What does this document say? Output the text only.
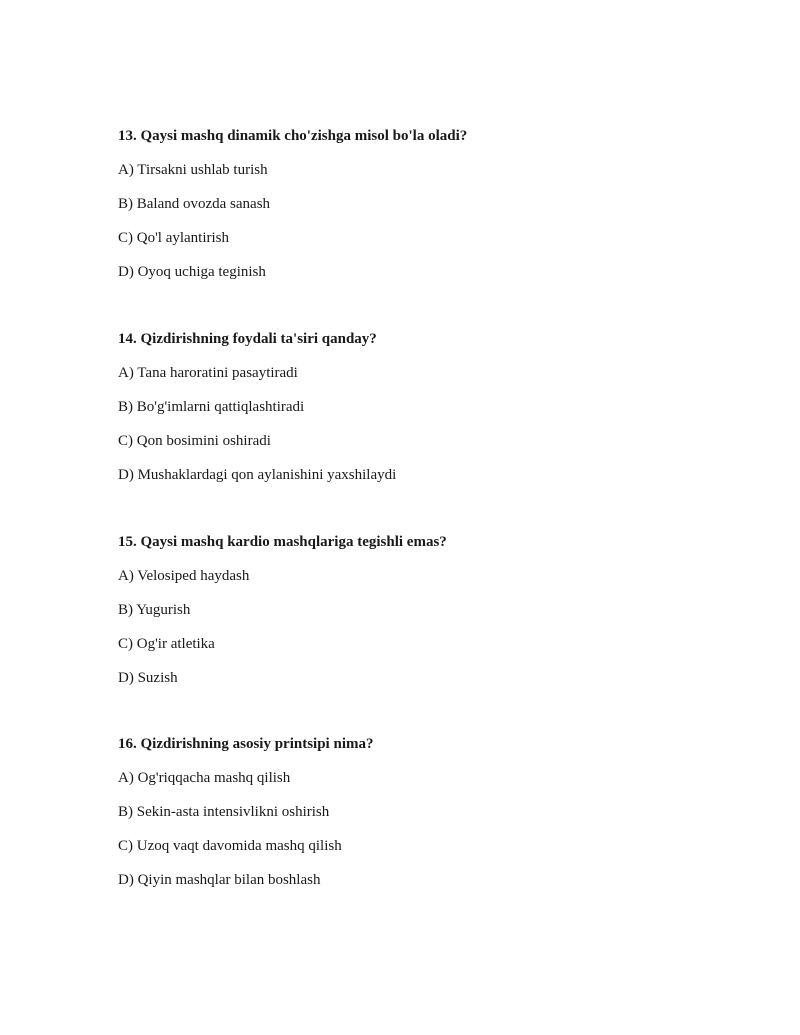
13. Qaysi mashq dinamik cho'zishga misol bo'la oladi?
A) Tirsakni ushlab turish
B) Baland ovozda sanash
C) Qo'l aylantirish
D) Oyoq uchiga teginish
14. Qizdirishning foydali ta'siri qanday?
A) Tana haroratini pasaytiradi
B) Bo'g'imlarni qattiqlashtiradi
C) Qon bosimini oshiradi
D) Mushaklardagi qon aylanishini yaxshilaydi
15. Qaysi mashq kardio mashqlariga tegishli emas?
A) Velosiped haydash
B) Yugurish
C) Og'ir atletika
D) Suzish
16. Qizdirishning asosiy printsipi nima?
A) Og'riqqacha mashq qilish
B) Sekin-asta intensivlikni oshirish
C) Uzoq vaqt davomida mashq qilish
D) Qiyin mashqlar bilan boshlash
